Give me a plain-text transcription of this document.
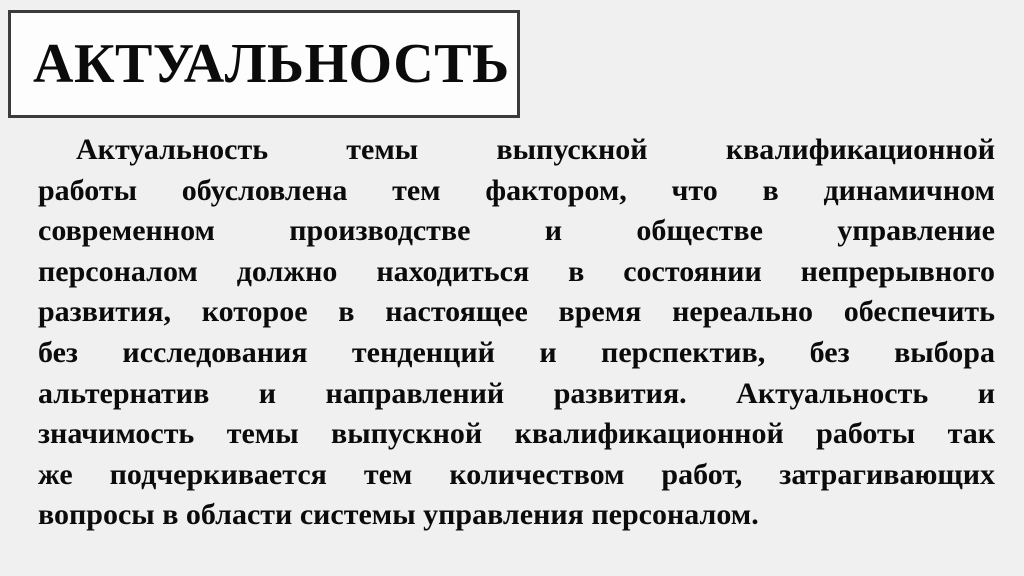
АКТУАЛЬНОСТЬ
Актуальность темы выпускной квалификационной
работы обусловлена тем фактором, что в динамичном
современном производстве и обществе управление
персоналом должно находиться в состоянии непрерывного
развития, которое в настоящее время нереально обеспечить
без исследования тенденций и перспектив, без выбора
альтернатив и направлений развития. Актуальность и
значимость темы выпускной квалификационной работы так
же подчеркивается тем количеством работ, затрагивающих
вопросы в области системы управления персоналом.
